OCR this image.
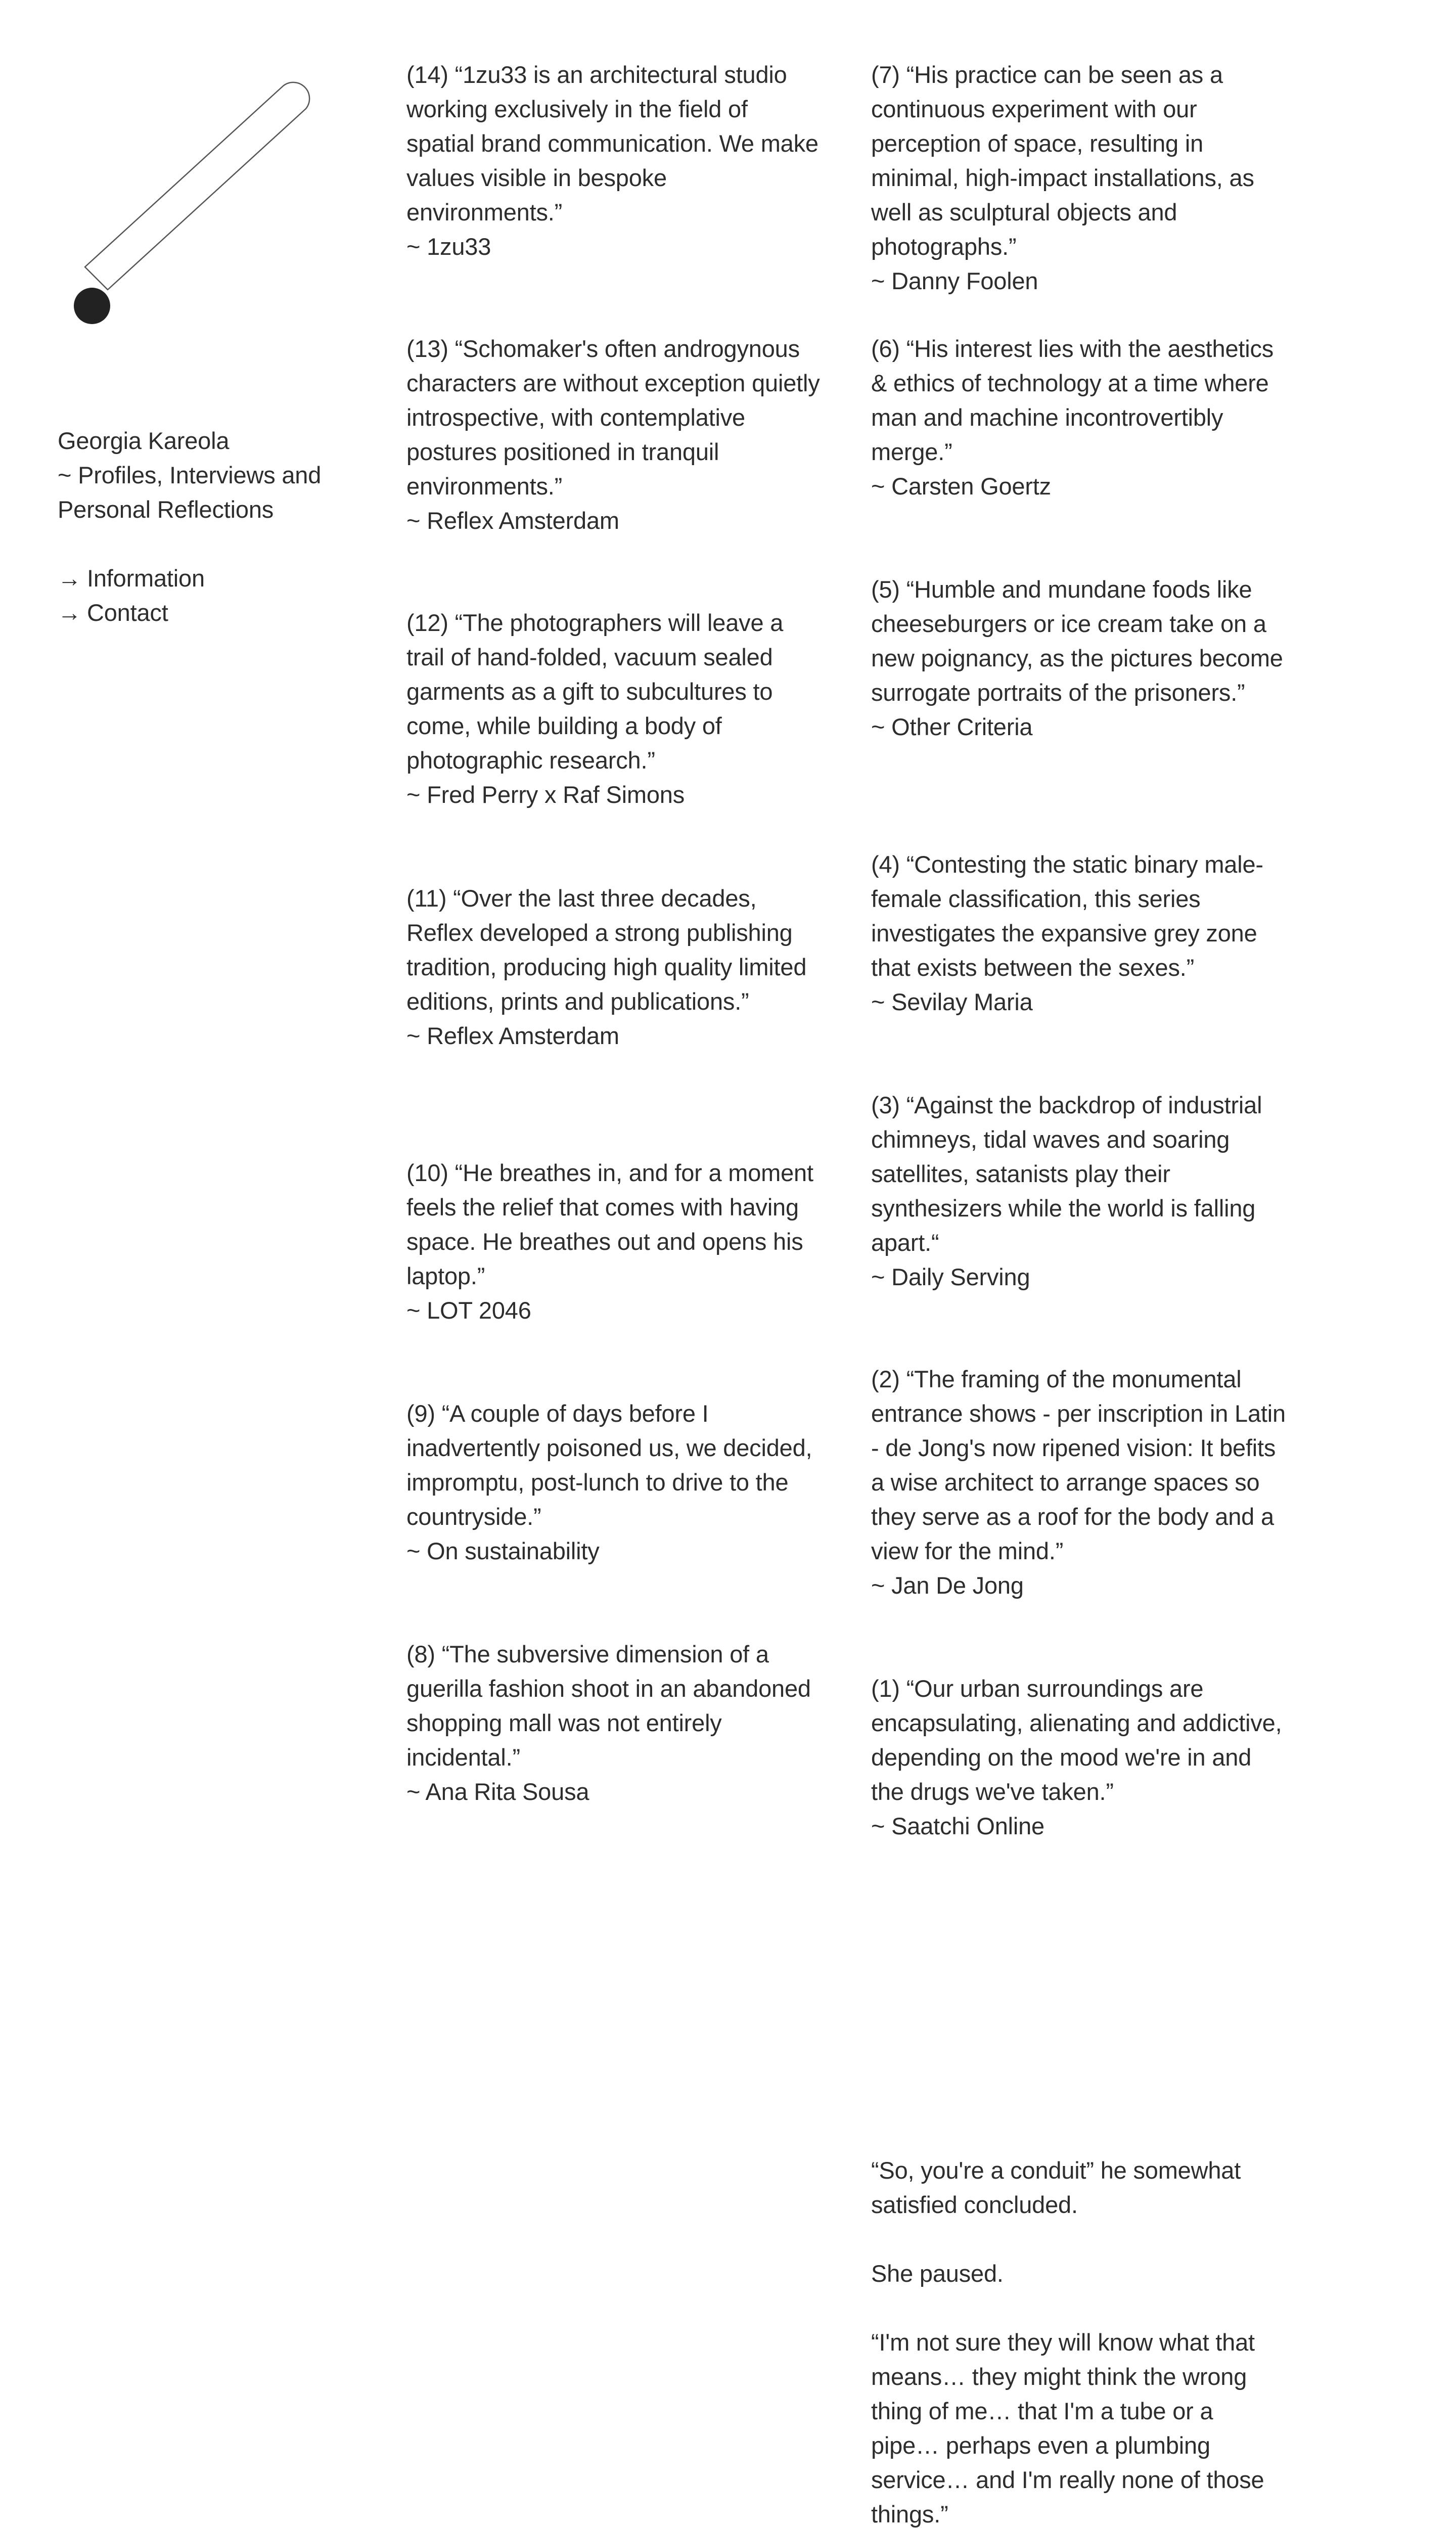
Georgia Kareola
~ Profiles, Interviews and Personal Reflections
→ Information
→ Contact
(14) “1zu33 is an architectural studio working exclusively in the field of spatial brand communication. We make values visible in bespoke environments.”
~ 1zu33
(13) “Schomaker's often androgynous characters are without exception quietly introspective, with contemplative postures positioned in tranquil environments.”
~ Reflex Amsterdam
(12) “The photographers will leave a trail of hand-folded, vacuum sealed garments as a gift to subcultures to come, while building a body of photographic research.”
~ Fred Perry x Raf Simons
(11) “Over the last three decades, Reflex developed a strong publishing tradition, producing high quality limited editions, prints and publications.”
~ Reflex Amsterdam
(10) “He breathes in, and for a moment feels the relief that comes with having space. He breathes out and opens his laptop.”
~ LOT 2046
(9) “A couple of days before I inadvertently poisoned us, we decided, impromptu, post-lunch to drive to the countryside.”
~ On sustainability
(8) “The subversive dimension of a guerilla fashion shoot in an abandoned shopping mall was not entirely incidental.”
~ Ana Rita Sousa
(7) “His practice can be seen as a continuous experiment with our perception of space, resulting in minimal, high-impact installations, as well as sculptural objects and photographs.”
~ Danny Foolen
(6) “His interest lies with the aesthetics & ethics of technology at a time where man and machine incontrovertibly merge.”
~ Carsten Goertz
(5) “Humble and mundane foods like cheeseburgers or ice cream take on a new poignancy, as the pictures become surrogate portraits of the prisoners.”
~ Other Criteria
(4) “Contesting the static binary male-female classification, this series investigates the expansive grey zone that exists between the sexes.”
~ Sevilay Maria
(3) “Against the backdrop of industrial chimneys, tidal waves and soaring satellites, satanists play their synthesizers while the world is falling apart.“
~ Daily Serving
(2) “The framing of the monumental entrance shows - per inscription in Latin - de Jong's now ripened vision: It befits a wise architect to arrange spaces so they serve as a roof for the body and a view for the mind.”
~ Jan De Jong
(1) “Our urban surroundings are encapsulating, alienating and addictive, depending on the mood we're in and the drugs we've taken.”
~ Saatchi Online

“So, you're a conduit” he somewhat satisfied concluded.

She paused.

“I'm not sure they will know what that means… they might think the wrong thing of me… that I'm a tube or a pipe… perhaps even a plumbing service… and I'm really none of those things.”
